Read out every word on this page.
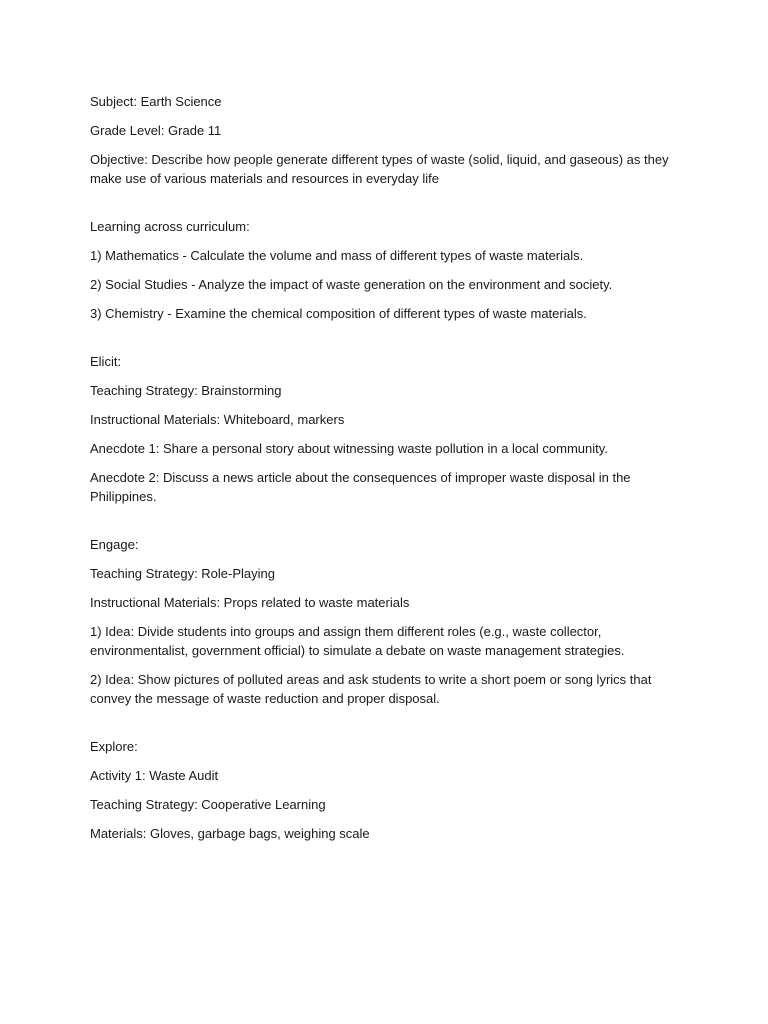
Subject: Earth Science

Grade Level: Grade 11

Objective: Describe how people generate different types of waste (solid, liquid, and gaseous) as they make use of various materials and resources in everyday life

Learning across curriculum:

1) Mathematics - Calculate the volume and mass of different types of waste materials.

2) Social Studies - Analyze the impact of waste generation on the environment and society.

3) Chemistry - Examine the chemical composition of different types of waste materials.

Elicit:

Teaching Strategy: Brainstorming

Instructional Materials: Whiteboard, markers

Anecdote 1: Share a personal story about witnessing waste pollution in a local community.

Anecdote 2: Discuss a news article about the consequences of improper waste disposal in the Philippines.

Engage:

Teaching Strategy: Role-Playing

Instructional Materials: Props related to waste materials

1) Idea: Divide students into groups and assign them different roles (e.g., waste collector, environmentalist, government official) to simulate a debate on waste management strategies.

2) Idea: Show pictures of polluted areas and ask students to write a short poem or song lyrics that convey the message of waste reduction and proper disposal.

Explore:

Activity 1: Waste Audit

Teaching Strategy: Cooperative Learning

Materials: Gloves, garbage bags, weighing scale
